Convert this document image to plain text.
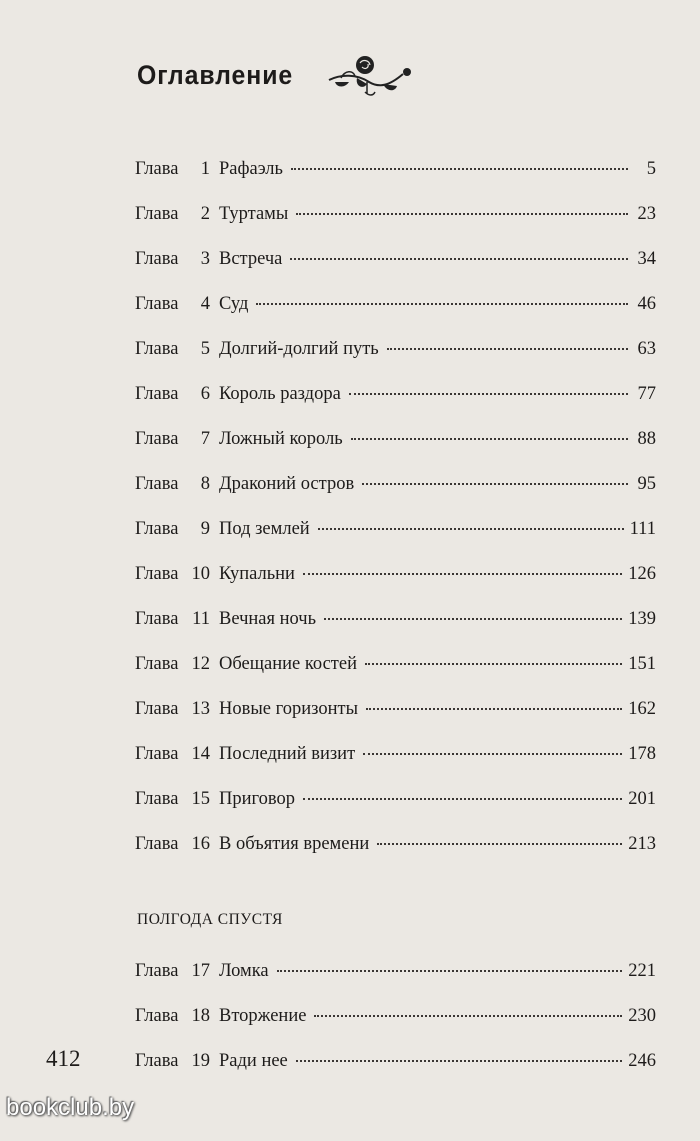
Оглавление
Глава	1 Рафаэль	5
Глава	2 Туртамы	23
Глава	3 Встреча	34
Глава	4 Суд	46
Глава	5 Долгий-долгий путь	63
Глава	6 Король раздора	77
Глава	7 Ложный король	88
Глава	8 Драконий остров	95
Глава	9 Под землей	111
Глава 10 Купальни	126
Глава 11 Вечная ночь	139
Глава 12 Обещание костей	151
Глава 13 Новые горизонты	162
Глава 14 Последний визит	178
Глава 15 Приговор	201
Глава 16 В объятия времени	213
Глава 17 Ломка	221
Глава 18 Вторжение	230
Глава 19 Ради нее	246
ПОЛГОДА СПУСТЯ
412
bookclub.by
